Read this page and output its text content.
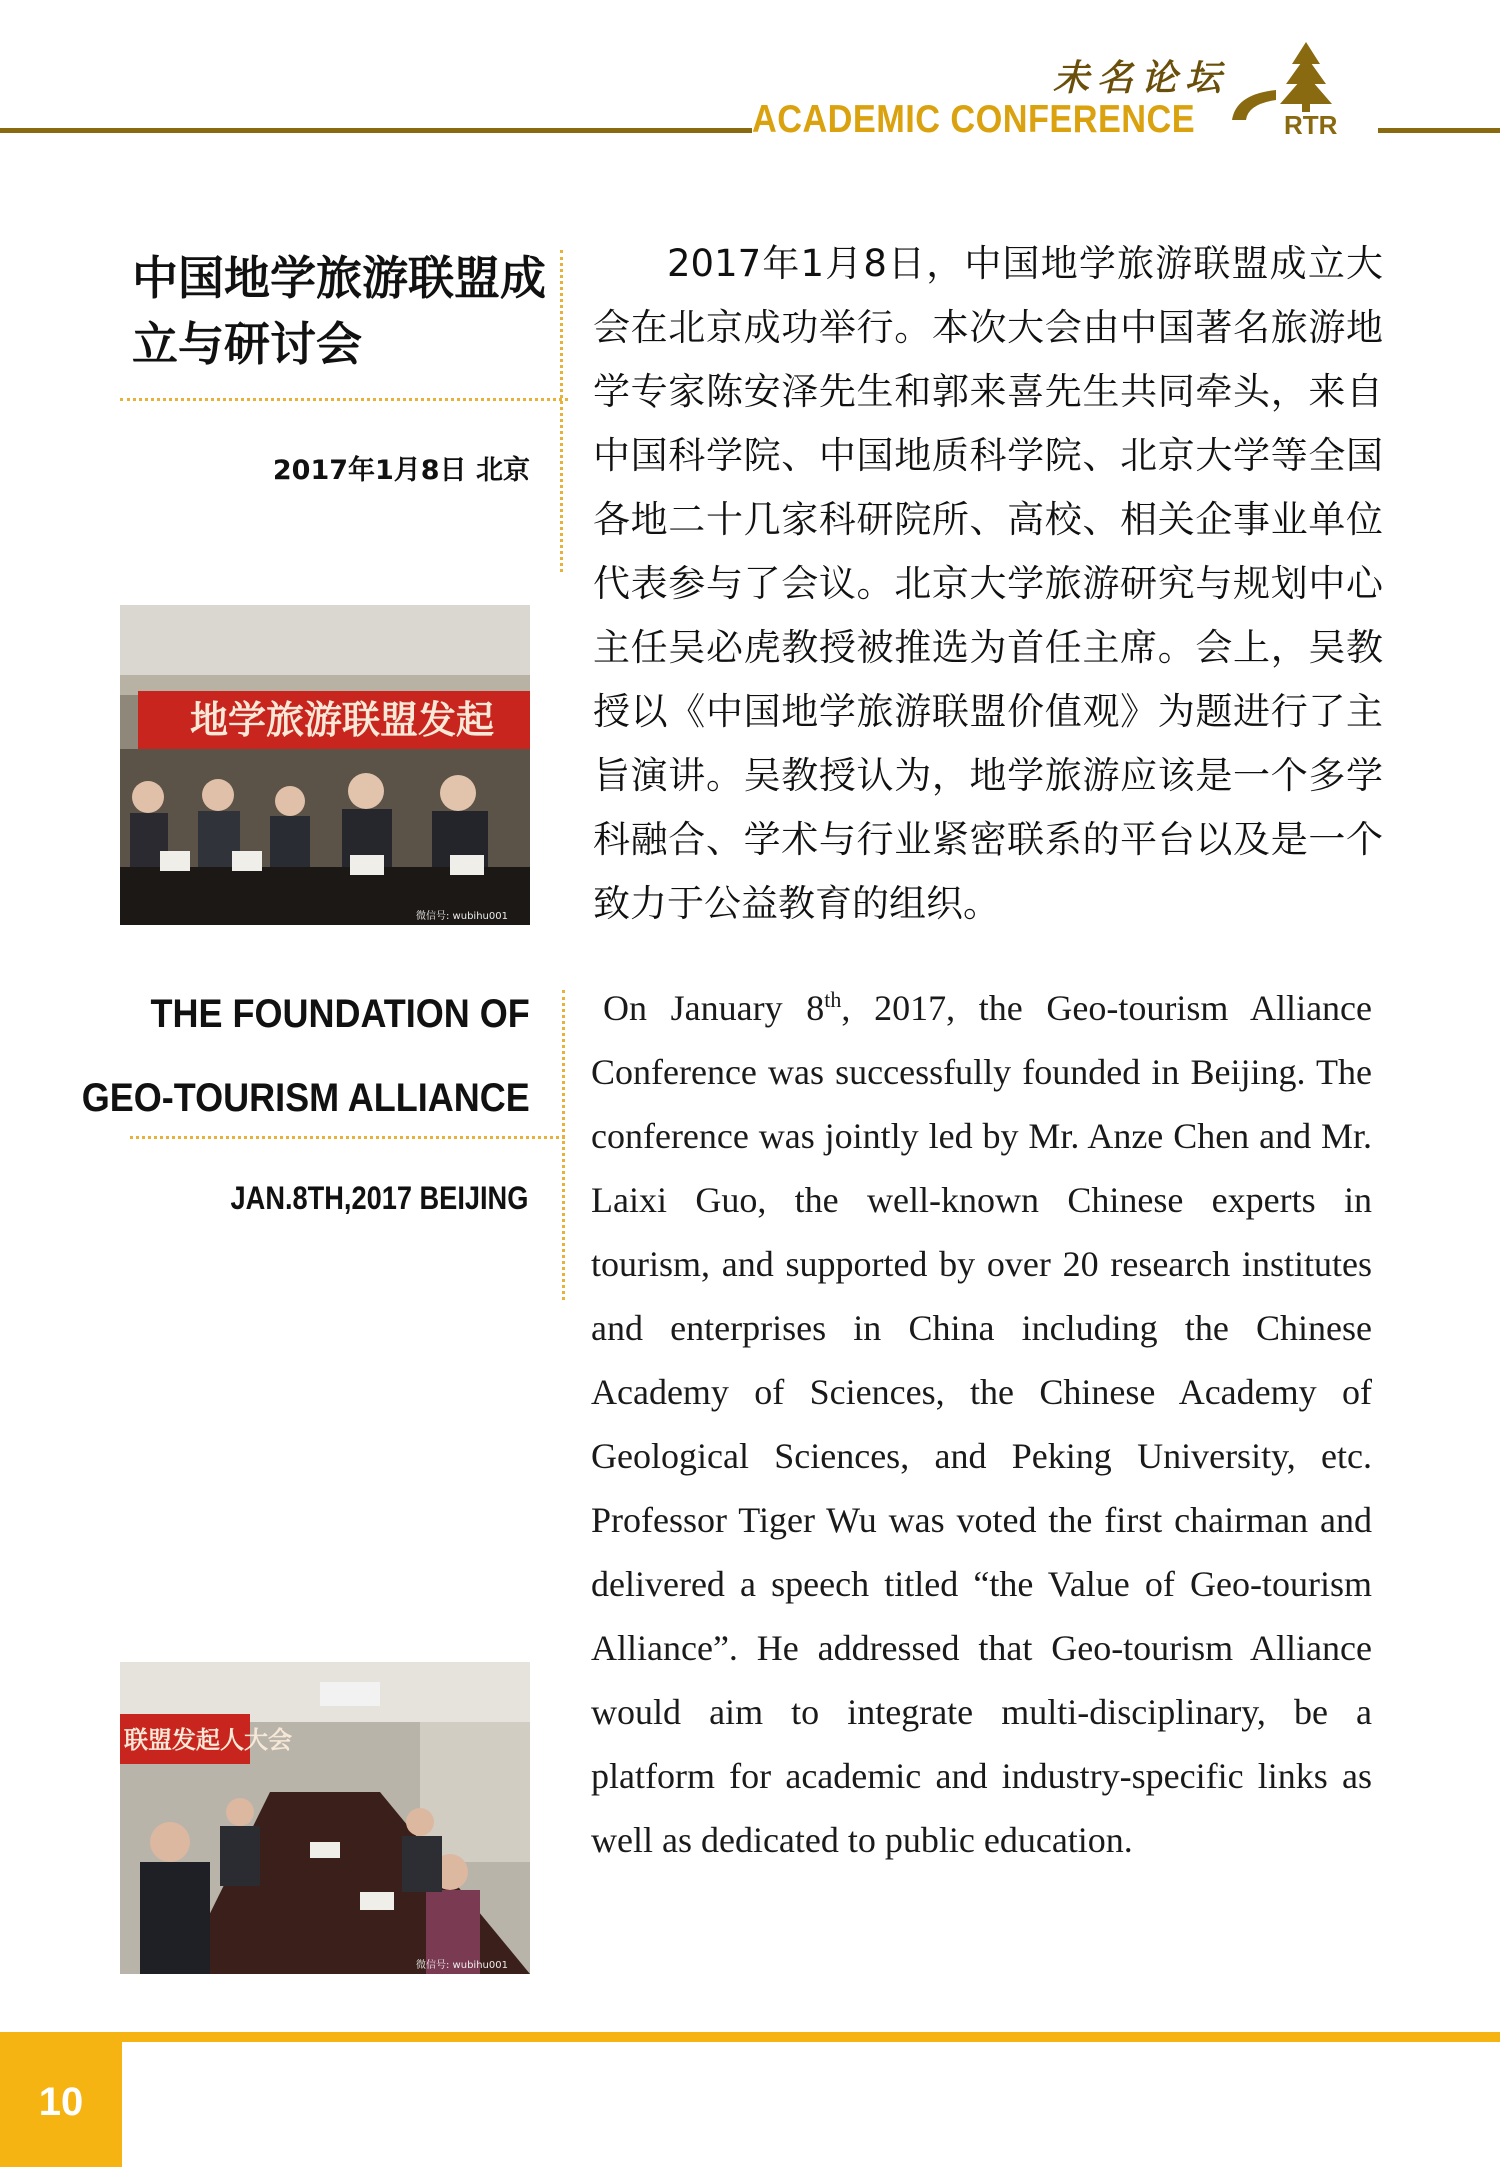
未名论坛
ACADEMIC CONFERENCE	RTR
中国地学旅游联盟成立与研讨会
2017年1月8日 北京
地学旅游联盟发起
微信号: wubihu001
THE FOUNDATION OF
GEO-TOURISM ALLIANCE
JAN.8TH,2017 BEIJING
联盟发起人大会
微信号: wubihu001

2017年1月8日，中国地学旅游联盟成立大会在北京成功举行。本次大会由中国著名旅游地学专家陈安泽先生和郭来喜先生共同牵头，来自中国科学院、中国地质科学院、北京大学等全国各地二十几家科研院所、高校、相关企事业单位代表参与了会议。北京大学旅游研究与规划中心主任吴必虎教授被推选为首任主席。会上，吴教授以《中国地学旅游联盟价值观》为题进行了主旨演讲。吴教授认为，地学旅游应该是一个多学科融合、学术与行业紧密联系的平台以及是一个致力于公益教育的组织。

On January 8th, 2017, the Geo-tourism Alliance Conference was successfully founded in Beijing. The conference was jointly led by Mr. Anze Chen and Mr. Laixi Guo, the well-known Chinese experts in tourism, and supported by over 20 research institutes and enterprises in China including the Chinese Academy of Sciences, the Chinese Academy of Geological Sciences, and Peking University, etc. Professor Tiger Wu was voted the first chairman and delivered a speech titled “the Value of Geo-tourism Alliance”. He addressed that Geo-tourism Alliance would aim to integrate multi-disciplinary, be a platform for academic and industry-specific links as well as dedicated to public education.

10
